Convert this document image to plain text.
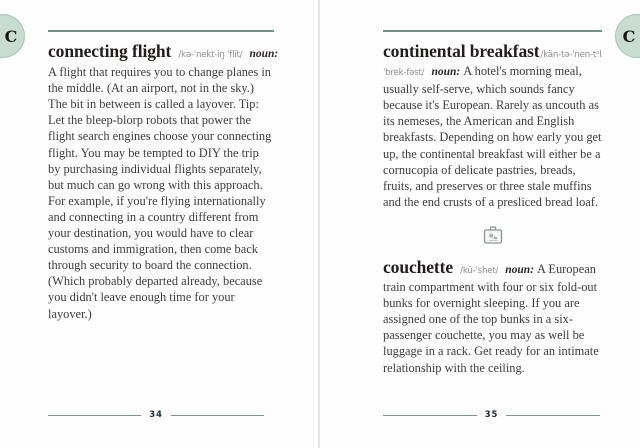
C	C
connecting flight /kə-ˈnekt-iŋ ˈflīt/ noun:
A flight that requires you to change planes in the middle. (At an airport, not in the sky.) The bit in between is called a layover. Tip: Let the bleep-blorp robots that power the flight search engines choose your connecting flight. You may be tempted to DIY the trip by purchasing individual flights separately, but much can go wrong with this approach. For example, if you're flying internationally and connecting in a country different from your destination, you would have to clear customs and immigration, then come back through security to board the connection. (Which probably departed already, because you didn't leave enough time for your layover.)
continental breakfast/kän-tə-ˈnen-tᵊl ˈbrek-fəst/ noun: A hotel's morning meal, usually self-serve, which sounds fancy because it's European. Rarely as uncouth as its nemeses, the American and English breakfasts. Depending on how early you get up, the continental breakfast will either be a cornucopia of delicate pastries, breads, fruits, and preserves or three stale muffins and the end crusts of a presliced bread loaf.
couchette /kü-ˈshet/ noun: A European train compartment with four or six fold-out bunks for overnight sleeping. If you are assigned one of the top bunks in a six-passenger couchette, you may as well be luggage in a rack. Get ready for an intimate relationship with the ceiling.
34	35
